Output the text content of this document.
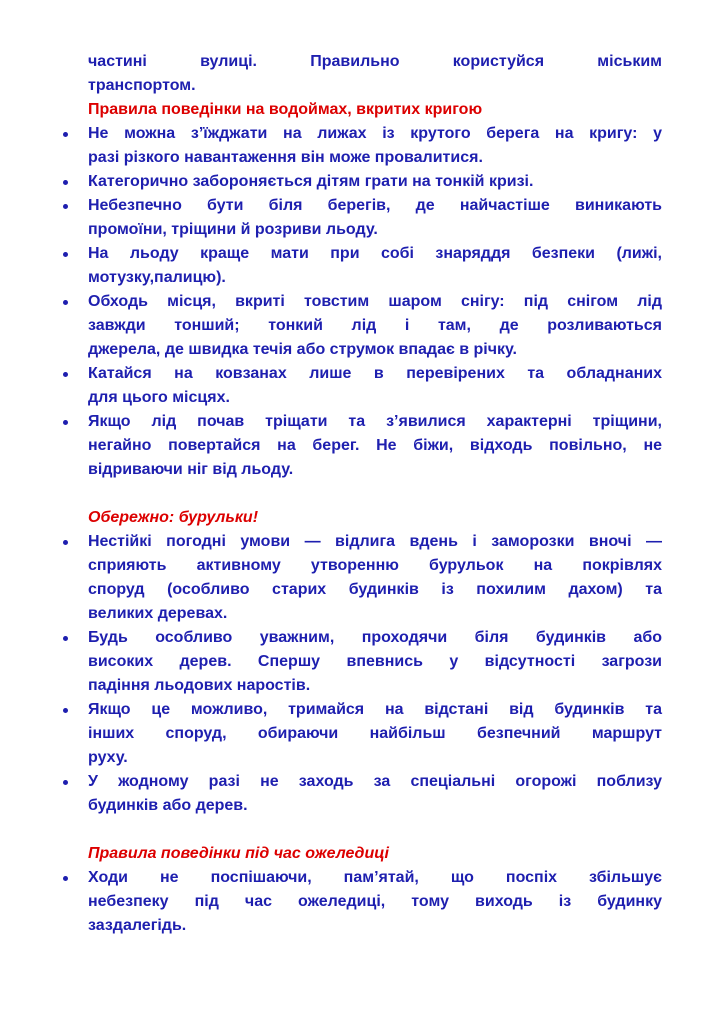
частині вулиці. Правильно користуйся міським
транспортом.
Правила поведінки на водоймах, вкритих кригою
Не можна з’їжджати на лижах із крутого берега на кригу: у
разі різкого навантаження він може провалитися.
Категорично забороняється дітям грати на тонкій кризі.
Небезпечно бути біля берегів, де найчастіше виникають
промоїни, тріщини й розриви льоду.
На льоду краще мати при собі знаряддя безпеки (лижі,
мотузку,палицю).
Обходь місця, вкриті товстим шаром снігу: під снігом лід
завжди тонший; тонкий лід і там, де розливаються
джерела, де швидка течія або струмок впадає в річку.
Катайся на ковзанах лише в перевірених та обладнаних
для цього місцях.
Якщо лід почав тріщати та з’явилися характерні тріщини,
негайно повертайся на берег. Не біжи, відходь повільно, не
відриваючи ніг від льоду.
Обережно: бурульки!
Нестійкі погодні умови — відлига вдень і заморозки вночі —
сприяють активному утворенню бурульок на покрівлях
споруд (особливо старих будинків із похилим дахом) та
великих деревах.
Будь особливо уважним, проходячи біля будинків або
високих дерев. Спершу впевнись у відсутності загрози
падіння льодових наростів.
Якщо це можливо, тримайся на відстані від будинків та
інших споруд, обираючи найбільш безпечний маршрут
руху.
У жодному разі не заходь за спеціальні огорожі поблизу
будинків або дерев.
Правила поведінки під час ожеледиці
Ходи не поспішаючи, пам’ятай, що поспіх збільшує
небезпеку під час ожеледиці, тому виходь із будинку
заздалегідь.
